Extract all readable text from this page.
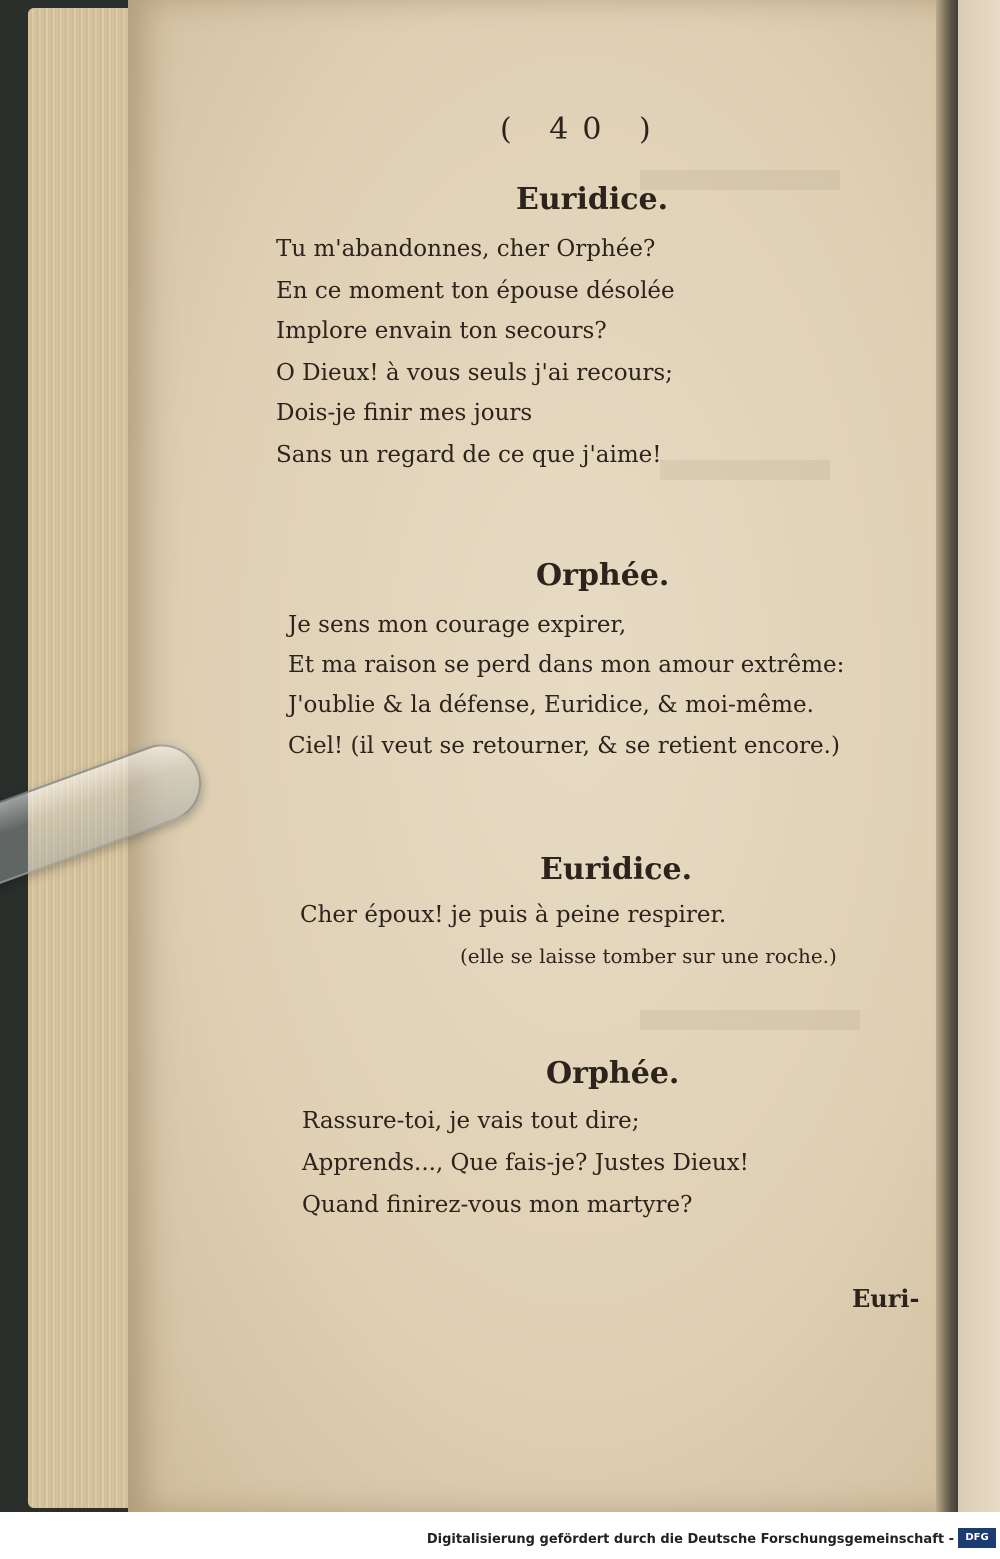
( 40 )
Euridice.
Tu m'abandonnes, cher Orphée?
En ce moment ton épouse désolée
Implore envain ton secours?
O Dieux! à vous seuls j'ai recours;
Dois-je finir mes jours
Sans un regard de ce que j'aime!
Orphée.
Je sens mon courage expirer,
Et ma raison se perd dans mon amour extrême:
J'oublie & la défense, Euridice, & moi-même.
Ciel! (il veut se retourner, & se retient encore.)
Euridice.
Cher époux! je puis à peine respirer.
(elle se laisse tomber sur une roche.)
Orphée.
Rassure-toi, je vais tout dire;
Apprends..., Que fais-je? Justes Dieux!
Quand finirez-vous mon martyre?
Euri-
Digitalisierung gefördert durch die Deutsche Forschungsgemeinschaft -	DFG
